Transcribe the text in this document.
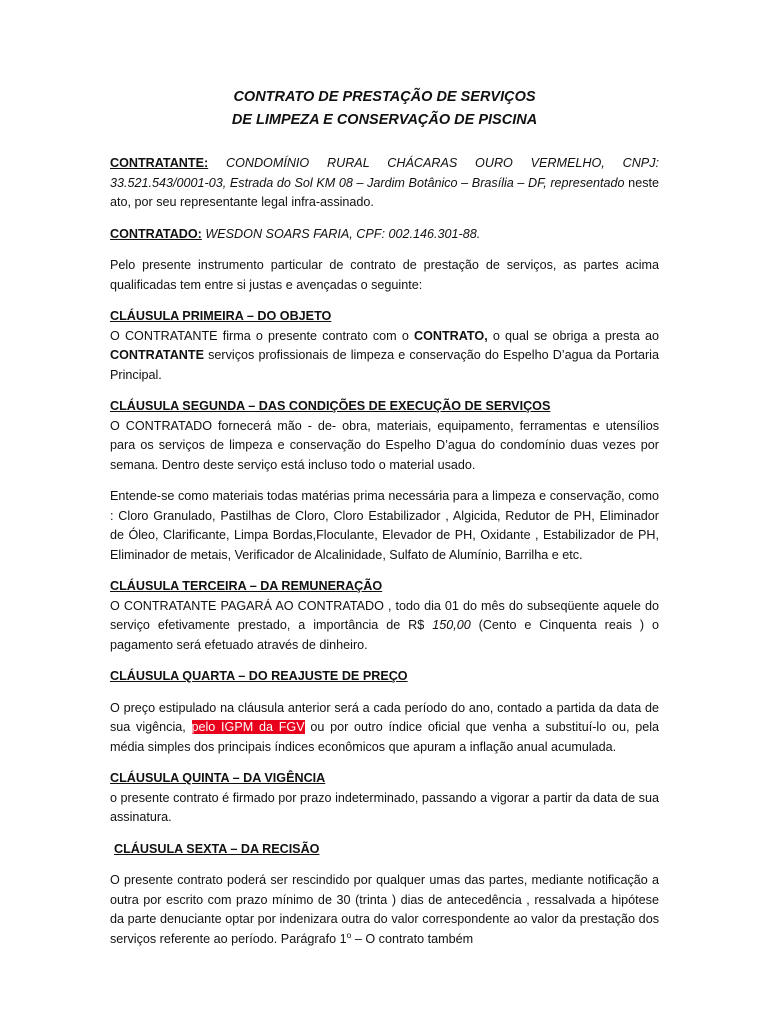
CONTRATO DE PRESTAÇÃO DE SERVIÇOS
DE LIMPEZA E CONSERVAÇÃO DE PISCINA

CONTRATANTE: CONDOMÍNIO RURAL CHÁCARAS OURO VERMELHO, CNPJ: 33.521.543/0001-03, Estrada do Sol KM 08 – Jardim Botânico – Brasília – DF, representado neste ato, por seu representante legal infra-assinado.

CONTRATADO: WESDON SOARS FARIA, CPF: 002.146.301-88.

Pelo presente instrumento particular de contrato de prestação de serviços, as partes acima qualificadas tem entre si justas e avençadas o seguinte:

CLÁUSULA PRIMEIRA – DO OBJETO
O CONTRATANTE firma o presente contrato com o CONTRATO, o qual se obriga a presta ao CONTRATANTE serviços profissionais de limpeza e conservação do Espelho D’agua da Portaria Principal.

CLÁUSULA SEGUNDA – DAS CONDIÇÕES DE EXECUÇÃO DE SERVIÇOS
O CONTRATADO fornecerá mão - de- obra, materiais, equipamento, ferramentas e utensílios para os serviços de limpeza e conservação do Espelho D’agua do condomínio duas vezes por semana. Dentro deste serviço está incluso todo o material usado.

Entende-se como materiais todas matérias prima necessária para a limpeza e conservação, como : Cloro Granulado, Pastilhas de Cloro, Cloro Estabilizador , Algicida, Redutor de PH, Eliminador de Óleo, Clarificante, Limpa Bordas,Floculante, Elevador de PH, Oxidante , Estabilizador de PH, Eliminador de metais, Verificador de Alcalinidade, Sulfato de Alumínio, Barrilha e etc.

CLÁUSULA TERCEIRA – DA REMUNERAÇÃO
O CONTRATANTE PAGARÁ AO CONTRATADO , todo dia 01 do mês do subseqüente aquele do serviço efetivamente prestado, a importância de R$ 150,00 (Cento e Cinquenta reais ) o pagamento será efetuado através de dinheiro.

CLÁUSULA QUARTA – DO REAJUSTE DE PREÇO

O preço estipulado na cláusula anterior será a cada período do ano, contado a partida da data de sua vigência, pelo IGPM da FGV ou por outro índice oficial que venha a substituí-lo ou, pela média simples dos principais índices econômicos que apuram a inflação anual acumulada.

CLÁUSULA QUINTA – DA VIGÊNCIA
o presente contrato é firmado por prazo indeterminado, passando a vigorar a partir da data de sua assinatura.

CLÁUSULA SEXTA – DA RECISÃO

O presente contrato poderá ser rescindido por qualquer umas das partes, mediante notificação a outra por escrito com prazo mínimo de 30 (trinta ) dias de antecedência , ressalvada a hipótese da parte denuciante optar por indenizara outra do valor correspondente ao valor da prestação dos serviços referente ao período. Parágrafo 1$^o$ – O contrato também
